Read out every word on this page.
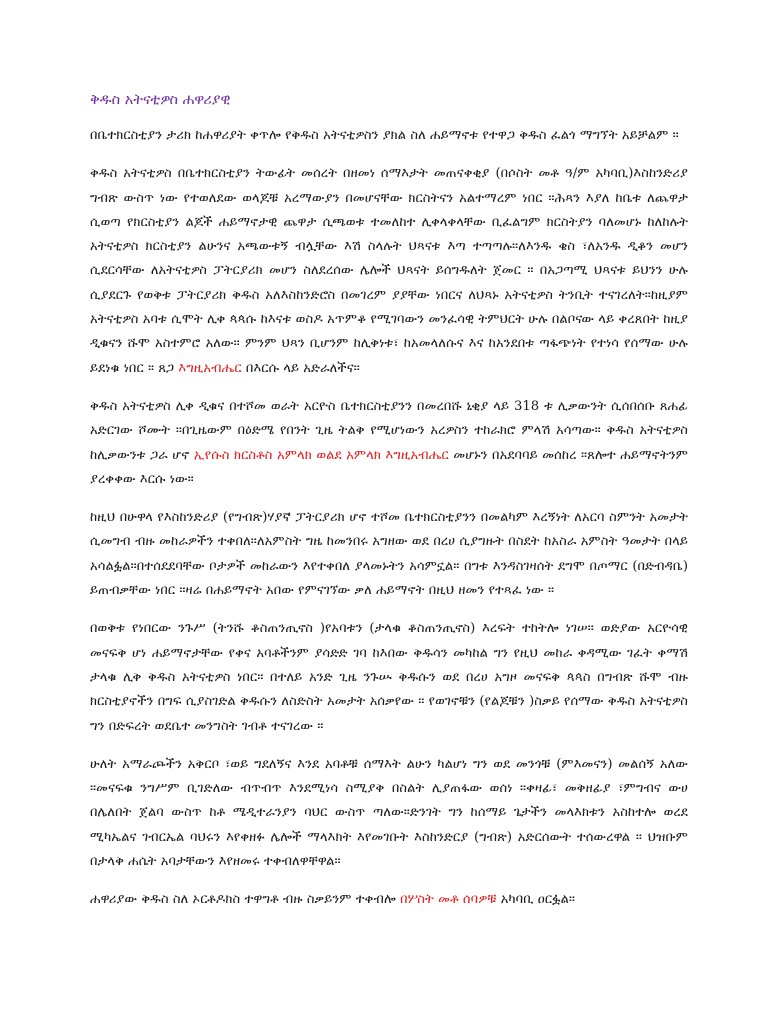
ቅዱስ አትናቲዎስ ሐዋሪያዊ

በቤተክርስቲያን ታሪክ ከሐዋሪያት ቀጥሎ የቅዱስ አትናቲዎስን ያክል ስለ ሐይማኖቱ የተዋጋ ቅዱስ ፈልጎ ማግኘት አይቻልም ።

ቅዱስ አትናቲዎስ በቤተክርስቲያን ትውፊት መሰረት በዘመነ ሰማእታት መጠናቀቂያ (በሶስት መቶ ዓ/ም አካባቢ)እስከንድሪያ ግብጽ ውስጥ ነው የተወለደው ወላጆቹ አረማውያን በመሆናቸው ክርስትናን አልተማረም ነበር ።ሕጻን እያለ ከቤቱ ለጨዋታ ሲወጣ የክርስቲያን ልጆች ሐይማኖታዊ ጨዋታ ሲጫወቱ ተመለከተ ሊቀላቀላቸው ቢፈልግም ክርስትያን ባለመሆኑ ከለከሉት አትናቲዎስ ክርስቲያን ልሁንና አጫውቱኝ ብሏቸው እሽ ስላሉት ህጻናቱ እጣ ተጣጣሉ።ለእንዱ ቄስ ፣ለአንዱ ዲቆን መሆን ሲደርሳቸው ለአትናቲዎስ ፓትርያሪክ መሆን ስለደረሰው ሌሎች ህጻናት ይሰግዱለት ጀመር ። በአጋጣሚ ህጻናቱ ይህንን ሁሉ ሲያደርጉ የወቅቱ ፓትርያሪክ ቅዱስ አለእስከንድሮስ በመገረም ያያቸው ነበርና ለህጻኑ አትናቲዎስ ትንቢት ተናገረለት።ከዚያም አትናቲዎስ አባቱ ሲሞት ሊቀ ጳጳሱ ከእናቱ ወስዶ አጥምቆ የሚገባውን መንፈሳዊ ትምህርት ሁሉ በልቦናው ላይ ቀረጸበት ከዚያ ዲቁናን ሹሞ አስተምሮ አለው። ምንም ህጻን ቢሆንም ከሊቅነቱ፣ ከአመላለሱና እና ከአንደበቱ ጣፋጭነት የተነሳ የሰማው ሁሉ ይደነቁ ነበር ። ጸጋ እግዚአብሔር በእርሱ ላይ አድራለችና።

ቅዱስ አትናቲዎስ ሊቀ ዲቁና በተሾመ ወራት አርዮስ ቤተክርስቲያንን በመረበሹ ኒቂያ ላይ 318 ቱ ሊቃውንት ሲሰበሰቡ ጸሐፊ አድርገው ሾሙት ።በጊዜውም በዕድሜ የበንት ጊዜ ትልቅ የሚሆነውን አረዎስን ተከራክሮ ምላሽ አሳጣው። ቅዱስ አትናቲዎስ ከሊቃውንቱ ጋራ ሆኖ ኢየሱስ ክርስቶስ አምላክ ወልደ አምላክ እግዚአብሔር መሆኑን በአደባባይ መሰከረ ።ጸሎተ ሐይማኖትንም ያረቀቀው እርሱ ነው።

ከዚህ በሁዋላ የእስከንድሪያ (የግብጽ)ሃያኛ ፓትርያሪክ ሆኖ ተሾመ ቤተክርስቲያንን በመልካም እረኝነት ለአርባ ስምንት አመታት ሲመግብ ብዙ መከራዎችን ተቀበለ።ለአምስት ግዜ ከመንበሩ አግዘው ወደ በረሀ ሲያግዙት በስደት ከአስራ አምስት ዓመታት በላይ አሳልፏል።በተሰደደባቸው ቦታዎች መከራውን እየተቀበለ ያላመኑትን አሳምኗል። በግቱ እንዳስገዛሰት ደግሞ በጦማር (በድብዳቤ) ይጠብቃቸው ነበር ።ዛሬ በሐይማኖት አበው የምናገኘው ቃለ ሐይማኖት በዚህ ዘመን የተጻፈ ነው ።

በወቅቱ የነበርው ንጉሥ (ትንሹ ቆስጠንጢኖስ )የአባቱን (ታላቁ ቆስጠንጢኖስ) እረፍት ተከትሎ ነገሠ። ወድያው አርዮሳዊ መናፍቅ ሆነ ሐይማኖታቸው የቀና አባቶችንም ያሳድድ ገባ ከእበው ቅዱሳን መካከል ግን የዚህ መከራ ቀዳሚው ገፈት ቀማሽ ታላቁ ሊቅ ቅዱስ አትናቲዎስ ነበር። በተለይ አንድ ጊዜ ንጉሡ ቅዱሱን ወደ በረሀ አግዞ መናፍቅ ጳጳስ በግብጽ ሹሞ ብዙ ክርስቲያኖችን በግፍ ሲያስገድል ቅዱሱን ለስድስት አመታት አሰቃየው ። የወገኖቹን (የልጆቹን )ስቃይ የሰማው ቅዱስ አትናቲዎስ ግን በድፍረት ወደቤተ መንግስት ገብቶ ተናገረው ።

ሁለት አማራጮችን አቅርቦ ፣ወይ ግደለኝና እንደ አባቶቹ ሰማእት ልሁን ካልሆነ ግን ወደ መንጎቹ (ምእመናን) መልሰኝ አለው ።መናፍቁ ንግሥም ቢገድለው ብጥብጥ እንደሚነሳ ስሚያቅ በስልት ሊያጠፋው ወሰነ ።ቀዛፊ፣ መቅዘፊያ ፣ምግብና ውሀ በሌለበት ጀልባ ውስጥ ከቶ ሜዲተራንያን ባህር ውስጥ ጣለው።ድንገት ግን ከሰማይ ጌታችን መላእክቱን አስከተሎ ወረደ ሚካኤልና ገብርኤል ባህሩን እየቀዘፉ ሌሎች ማላእክት እየመገቡት እስከንድርያ (ግብጽ) አድርሰውት ተሰውረዋል ። ህዝቡም በታላቅ ሐሴት አባታቸውን እየዘመሩ ተቀብለዋቸዋል።

ሐዋሪያው ቅዱስ ስለ ኦርቶዶክስ ተዋግቶ ብዙ ስቃይንም ተቀብሎ በሦስት መቶ ሰባዎቹ አካባቢ ዐርፏል።
